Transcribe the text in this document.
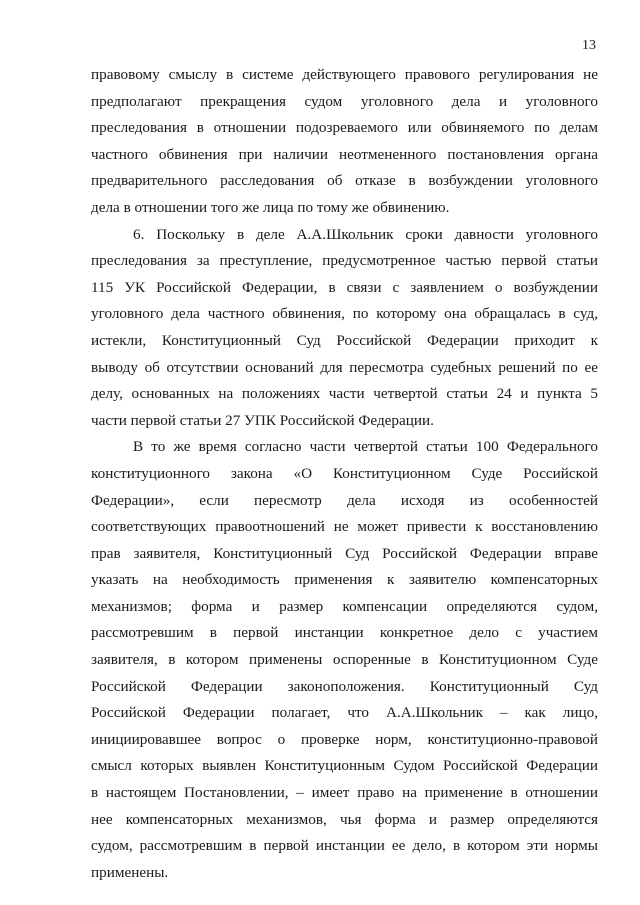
13
правовому смыслу в системе действующего правового регулирования не
предполагают прекращения судом уголовного дела и уголовного
преследования в отношении подозреваемого или обвиняемого по делам
частного обвинения при наличии неотмененного постановления органа
предварительного расследования об отказе в возбуждении уголовного
дела в отношении того же лица по тому же обвинению.
6. Поскольку в деле А.А.Школьник сроки давности уголовного
преследования за преступление, предусмотренное частью первой статьи
115 УК Российской Федерации, в связи с заявлением о возбуждении
уголовного дела частного обвинения, по которому она обращалась в суд,
истекли, Конституционный Суд Российской Федерации приходит к
выводу об отсутствии оснований для пересмотра судебных решений по ее
делу, основанных на положениях части четвертой статьи 24 и пункта 5
части первой статьи 27 УПК Российской Федерации.
В то же время согласно части четвертой статьи 100 Федерального
конституционного закона «О Конституционном Суде Российской
Федерации», если пересмотр дела исходя из особенностей
соответствующих правоотношений не может привести к восстановлению
прав заявителя, Конституционный Суд Российской Федерации вправе
указать на необходимость применения к заявителю компенсаторных
механизмов; форма и размер компенсации определяются судом,
рассмотревшим в первой инстанции конкретное дело с участием
заявителя, в котором применены оспоренные в Конституционном Суде
Российской Федерации законоположения. Конституционный Суд
Российской Федерации полагает, что А.А.Школьник – как лицо,
инициировавшее вопрос о проверке норм, конституционно-правовой
смысл которых выявлен Конституционным Судом Российской Федерации
в настоящем Постановлении, – имеет право на применение в отношении
нее компенсаторных механизмов, чья форма и размер определяются
судом, рассмотревшим в первой инстанции ее дело, в котором эти нормы
применены.
